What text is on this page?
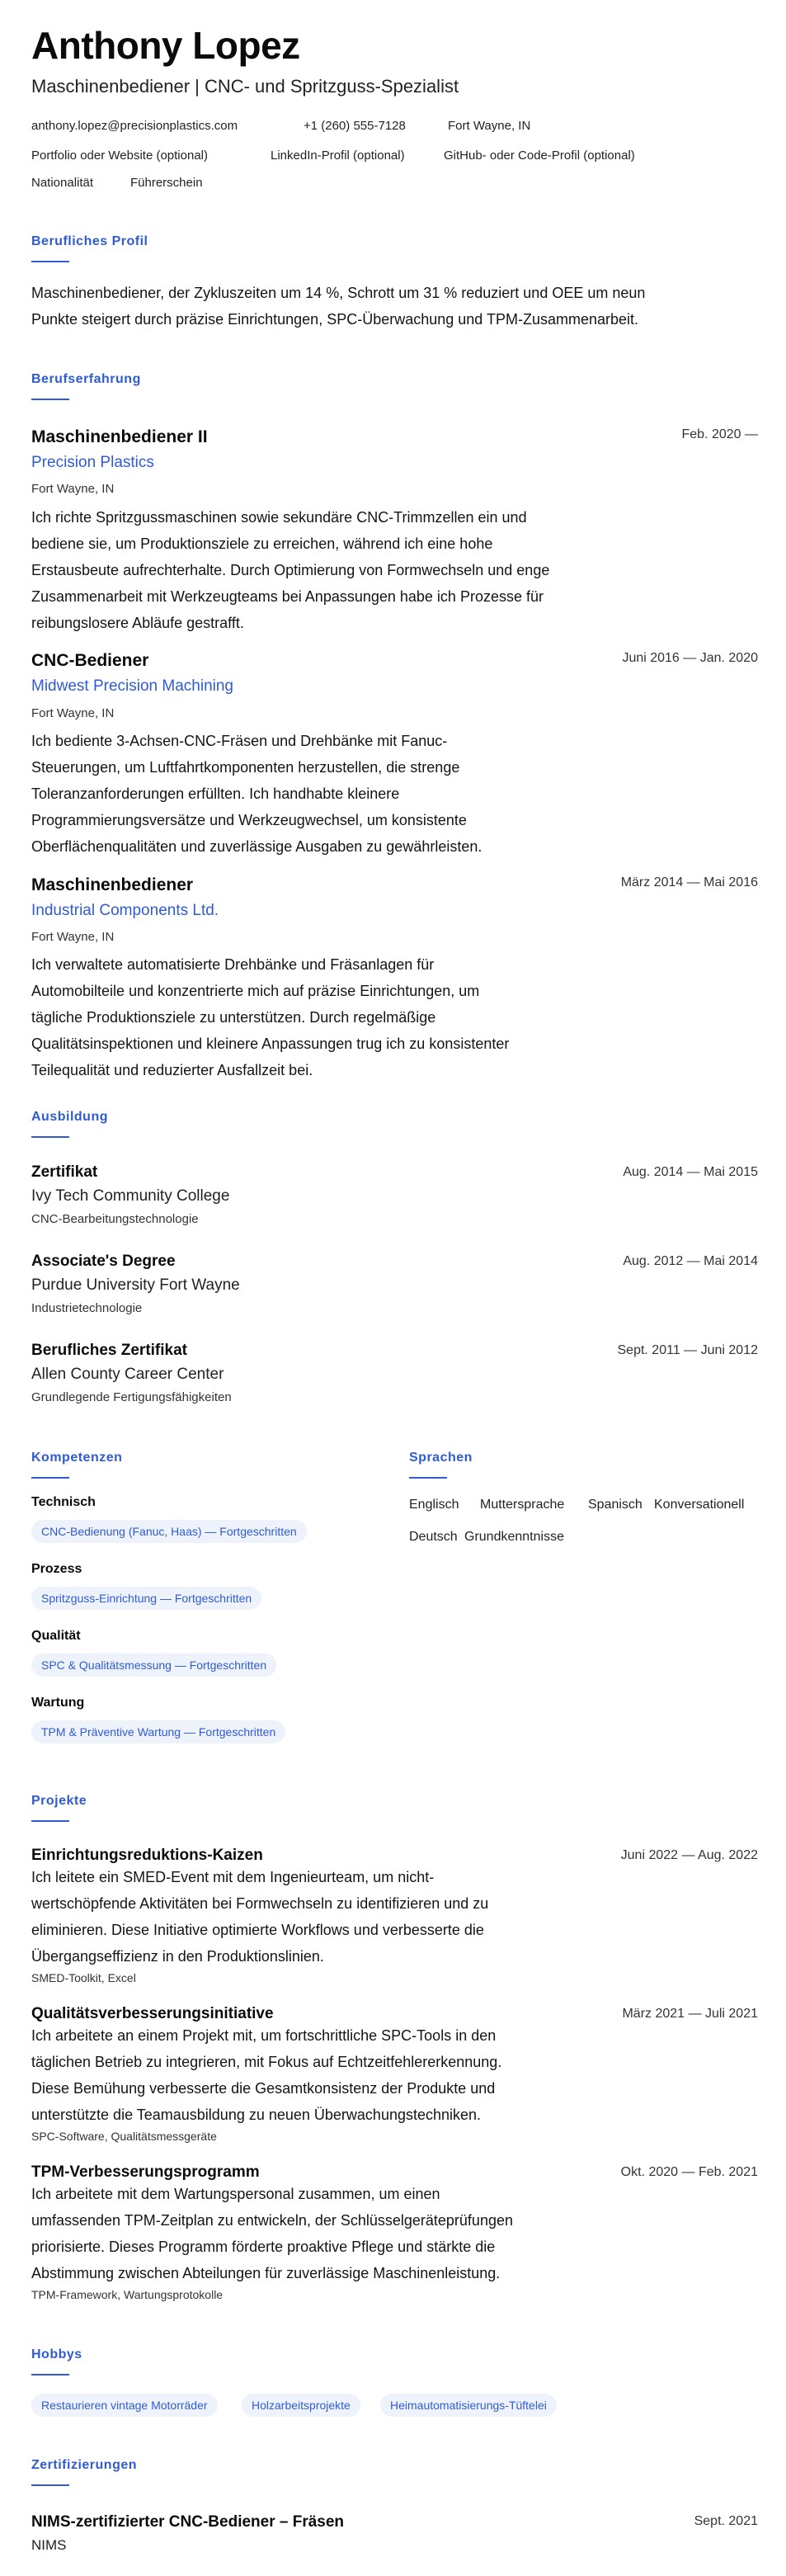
Anthony Lopez
Maschinenbediener | CNC- und Spritzguss-Spezialist
anthony.lopez@precisionplastics.com	+1 (260) 555-7128	Fort Wayne, IN
Portfolio oder Website (optional)	LinkedIn-Profil (optional)	GitHub- oder Code-Profil (optional)
Nationalität	Führerschein
Berufliches Profil
Maschinenbediener, der Zykluszeiten um 14 %, Schrott um 31 % reduziert und OEE um neun
Punkte steigert durch präzise Einrichtungen, SPC-Überwachung und TPM-Zusammenarbeit.
Berufserfahrung
Maschinenbediener II	Feb. 2020 —
Precision Plastics
Fort Wayne, IN
Ich richte Spritzgussmaschinen sowie sekundäre CNC-Trimmzellen ein und
bediene sie, um Produktionsziele zu erreichen, während ich eine hohe
Erstausbeute aufrechterhalte. Durch Optimierung von Formwechseln und enge
Zusammenarbeit mit Werkzeugteams bei Anpassungen habe ich Prozesse für
reibungslosere Abläufe gestrafft.
CNC-Bediener	Juni 2016 — Jan. 2020
Midwest Precision Machining
Fort Wayne, IN
Ich bediente 3-Achsen-CNC-Fräsen und Drehbänke mit Fanuc-
Steuerungen, um Luftfahrtkomponenten herzustellen, die strenge
Toleranzanforderungen erfüllten. Ich handhabte kleinere
Programmierungsversätze und Werkzeugwechsel, um konsistente
Oberflächenqualitäten und zuverlässige Ausgaben zu gewährleisten.
Maschinenbediener	März 2014 — Mai 2016
Industrial Components Ltd.
Fort Wayne, IN
Ich verwaltete automatisierte Drehbänke und Fräsanlagen für
Automobilteile und konzentrierte mich auf präzise Einrichtungen, um
tägliche Produktionsziele zu unterstützen. Durch regelmäßige
Qualitätsinspektionen und kleinere Anpassungen trug ich zu konsistenter
Teilequalität und reduzierter Ausfallzeit bei.
Ausbildung
Zertifikat	Aug. 2014 — Mai 2015
Ivy Tech Community College
CNC-Bearbeitungstechnologie
Associate's Degree	Aug. 2012 — Mai 2014
Purdue University Fort Wayne
Industrietechnologie
Berufliches Zertifikat	Sept. 2011 — Juni 2012
Allen County Career Center
Grundlegende Fertigungsfähigkeiten
Kompetenzen
Technisch
CNC-Bedienung (Fanuc, Haas) — Fortgeschritten
Prozess
Spritzguss-Einrichtung — Fortgeschritten
Qualität
SPC & Qualitätsmessung — Fortgeschritten
Wartung
TPM & Präventive Wartung — Fortgeschritten
Sprachen
Englisch Muttersprache Spanisch Konversationell
Deutsch Grundkenntnisse
Projekte
Einrichtungsreduktions-Kaizen	Juni 2022 — Aug. 2022
Ich leitete ein SMED-Event mit dem Ingenieurteam, um nicht-
wertschöpfende Aktivitäten bei Formwechseln zu identifizieren und zu
eliminieren. Diese Initiative optimierte Workflows und verbesserte die
Übergangseffizienz in den Produktionslinien.
SMED-Toolkit, Excel
Qualitätsverbesserungsinitiative	März 2021 — Juli 2021
Ich arbeitete an einem Projekt mit, um fortschrittliche SPC-Tools in den
täglichen Betrieb zu integrieren, mit Fokus auf Echtzeitfehlererkennung.
Diese Bemühung verbesserte die Gesamtkonsistenz der Produkte und
unterstützte die Teamausbildung zu neuen Überwachungstechniken.
SPC-Software, Qualitätsmessgeräte
TPM-Verbesserungsprogramm	Okt. 2020 — Feb. 2021
Ich arbeitete mit dem Wartungspersonal zusammen, um einen
umfassenden TPM-Zeitplan zu entwickeln, der Schlüsselgeräteprüfungen
priorisierte. Dieses Programm förderte proaktive Pflege und stärkte die
Abstimmung zwischen Abteilungen für zuverlässige Maschinenleistung.
TPM-Framework, Wartungsprotokolle
Hobbys
Restaurieren vintage Motorräder	Holzarbeitsprojekte	Heimautomatisierungs-Tüftelei
Zertifizierungen
NIMS-zertifizierter CNC-Bediener – Fräsen	Sept. 2021
NIMS
